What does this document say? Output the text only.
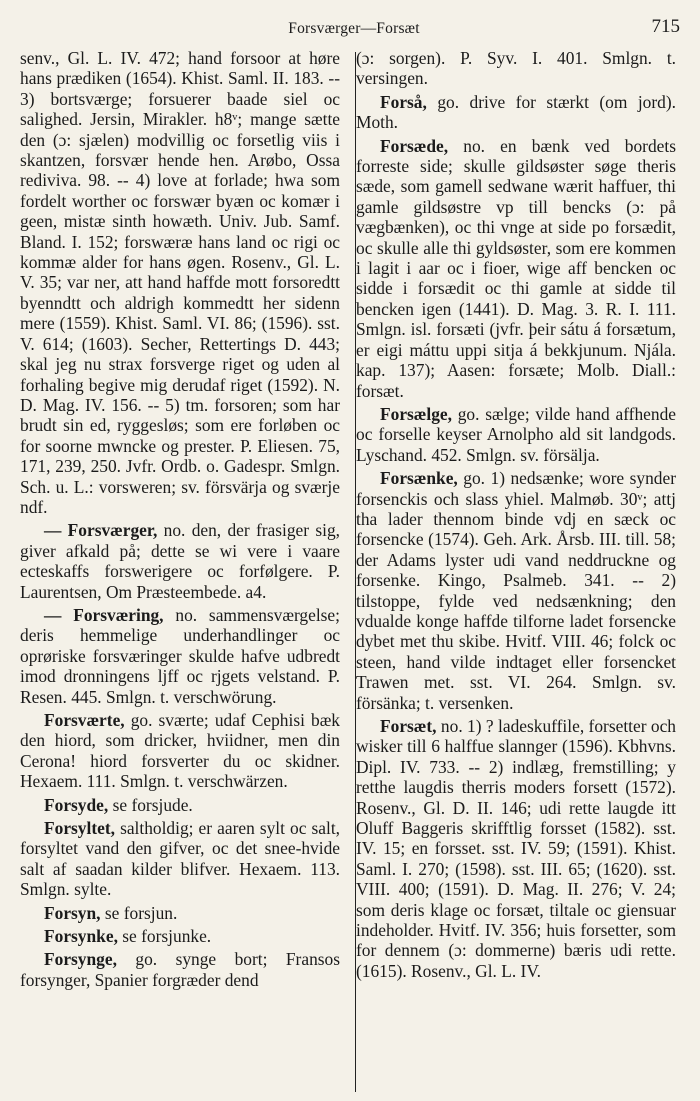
Forsværger—Forsæt	715

senv., Gl. L. IV. 472; hand forsoor at høre hans prædiken (1654). Khist. Saml. II. 183. -- 3) bortsværge; forsuerer baade siel oc salighed. Jersin, Mirakler. h8ᵛ; mange sætte den (ɔ: sjælen) modvillig oc forsetlig viis i skantzen, forsvær hende hen. Arøbo, Ossa rediviva. 98. -- 4) love at forlade; hwa som fordelt worther oc forswær byæn oc komær i geen, mistæ sinth howæth. Univ. Jub. Samf. Bland. I. 152; forswæræ hans land oc rigi oc kommæ alder for hans øgen. Rosenv., Gl. L. V. 35; var ner, att hand haffde mott forsoredtt byenndtt och aldrigh kommedtt her sidenn mere (1559). Khist. Saml. VI. 86; (1596). sst. V. 614; (1603). Secher, Rettertings D. 443; skal jeg nu strax forsverge riget og uden al forhaling begive mig derudaf riget (1592). N. D. Mag. IV. 156. -- 5) tm. forsoren; som har brudt sin ed, ryggesløs; som ere forløben oc for soorne mwncke og prester. P. Eliesen. 75, 171, 239, 250. Jvfr. Ordb. o. Gadespr. Smlgn. Sch. u. L.: vorsweren; sv. försvärja og sværje ndf.

— Forsværger, no. den, der frasiger sig, giver afkald på; dette se wi vere i vaare ecteskaffs forswerigere oc forfølgere. P. Laurentsen, Om Præsteembede. a4.

— Forsværing, no. sammensværgelse; deris hemmelige underhandlinger oc oprøriske forsværinger skulde hafve udbredt imod dronningens ljff oc rjgets velstand. P. Resen. 445. Smlgn. t. verschwörung.

Forsværte, go. sværte; udaf Cephisi bæk den hiord, som dricker, hviidner, men din Cerona! hiord forsverter du oc skidner. Hexaem. 111. Smlgn. t. verschwärzen.

Forsyde, se forsjude.

Forsyltet, saltholdig; er aaren sylt oc salt, forsyltet vand den gifver, oc det snee-hvide salt af saadan kilder blifver. Hexaem. 113. Smlgn. sylte.

Forsyn, se forsjun.

Forsynke, se forsjunke.

Forsynge, go. synge bort; Fransos forsynger, Spanier forgræder dend

(ɔ: sorgen). P. Syv. I. 401. Smlgn. t. versingen.

Forså, go. drive for stærkt (om jord). Moth.

Forsæde, no. en bænk ved bordets forreste side; skulle gildsøster søge theris sæde, som gamell sedwane wærit haffuer, thi gamle gildsøstre vp till bencks (ɔ: på vægbænken), oc thi vnge at side po forsædit, oc skulle alle thi gyldsøster, som ere kommen i lagit i aar oc i fioer, wige aff bencken oc sidde i forsædit oc thi gamle at sidde til bencken igen (1441). D. Mag. 3. R. I. 111. Smlgn. isl. forsæti (jvfr. þeir sátu á forsætum, er eigi máttu uppi sitja á bekkjunum. Njála. kap. 137); Aasen: forsæte; Molb. Diall.: forsæt.

Forsælge, go. sælge; vilde hand affhende oc forselle keyser Arnolpho ald sit landgods. Lyschand. 452. Smlgn. sv. försälja.

Forsænke, go. 1) nedsænke; wore synder forsenckis och slass yhiel. Malmøb. 30ᵛ; attj tha lader thennom binde vdj en sæck oc forsencke (1574). Geh. Ark. Årsb. III. till. 58; der Adams lyster udi vand neddruckne og forsenke. Kingo, Psalmeb. 341. -- 2) tilstoppe, fylde ved nedsænkning; den vdualde konge haffde tilforne ladet forsencke dybet met thu skibe. Hvitf. VIII. 46; folck oc steen, hand vilde indtaget eller forsencket Trawen met. sst. VI. 264. Smlgn. sv. försänka; t. versenken.

Forsæt, no. 1) ? ladeskuffile, forsetter och wisker till 6 halffue slannger (1596). Kbhvns. Dipl. IV. 733. -- 2) indlæg, fremstilling; y retthe laugdis therris moders forsett (1572). Rosenv., Gl. D. II. 146; udi rette laugde itt Oluff Baggeris skrifftlig forsset (1582). sst. IV. 15; en forsset. sst. IV. 59; (1591). Khist. Saml. I. 270; (1598). sst. III. 65; (1620). sst. VIII. 400; (1591). D. Mag. II. 276; V. 24; som deris klage oc forsæt, tiltale oc giensuar indeholder. Hvitf. IV. 356; huis forsetter, som for dennem (ɔ: dommerne) bæris udi rette. (1615). Rosenv., Gl. L. IV.
